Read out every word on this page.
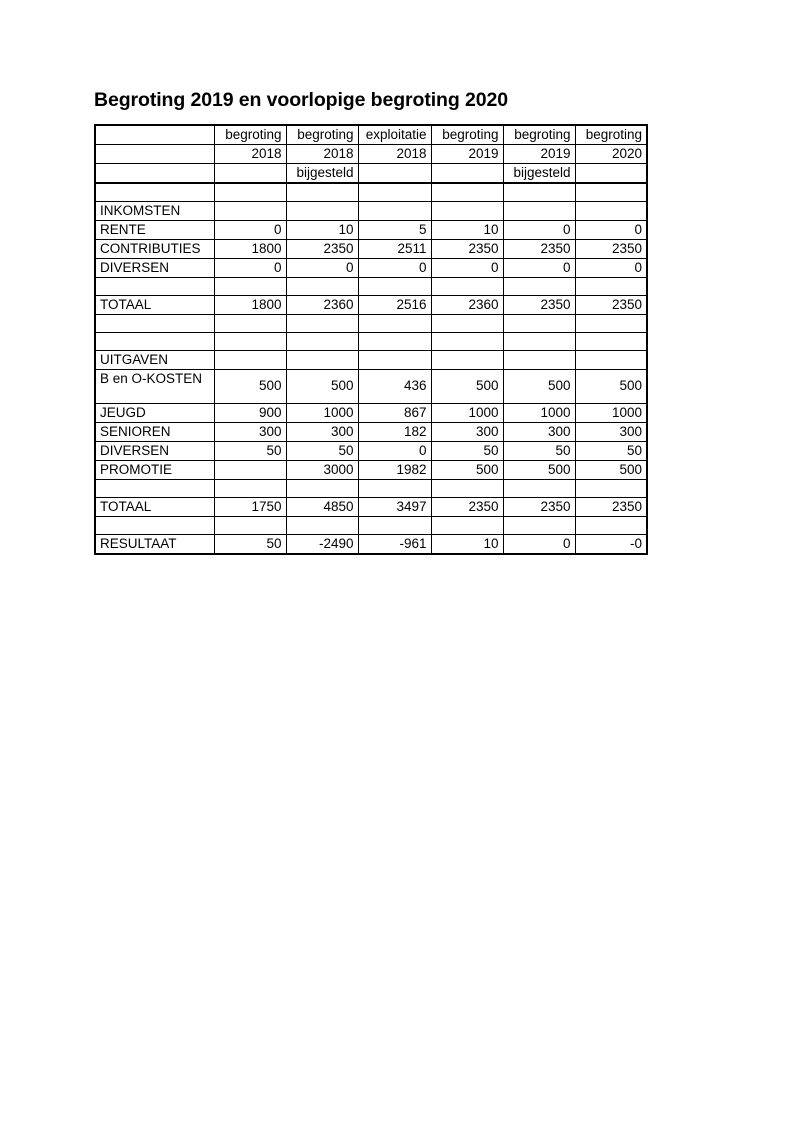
Begroting 2019 en voorlopige begroting 2020
	begroting	begroting	exploitatie	begroting	begroting	begroting
	2018	2018	2018	2019	2019	2020
		bijgesteld			bijgesteld	

INKOMSTEN						
RENTE	0	10	5	10	0	0
CONTRIBUTIES	1800	2350	2511	2350	2350	2350
DIVERSEN	0	0	0	0	0	0

TOTAAL	1800	2360	2516	2360	2350	2350

UITGAVEN						
B en O-KOSTEN	500	500	436	500	500	500
JEUGD	900	1000	867	1000	1000	1000
SENIOREN	300	300	182	300	300	300
DIVERSEN	50	50	0	50	50	50
PROMOTIE		3000	1982	500	500	500

TOTAAL	1750	4850	3497	2350	2350	2350

RESULTAAT	50	-2490	-961	10	0	-0
